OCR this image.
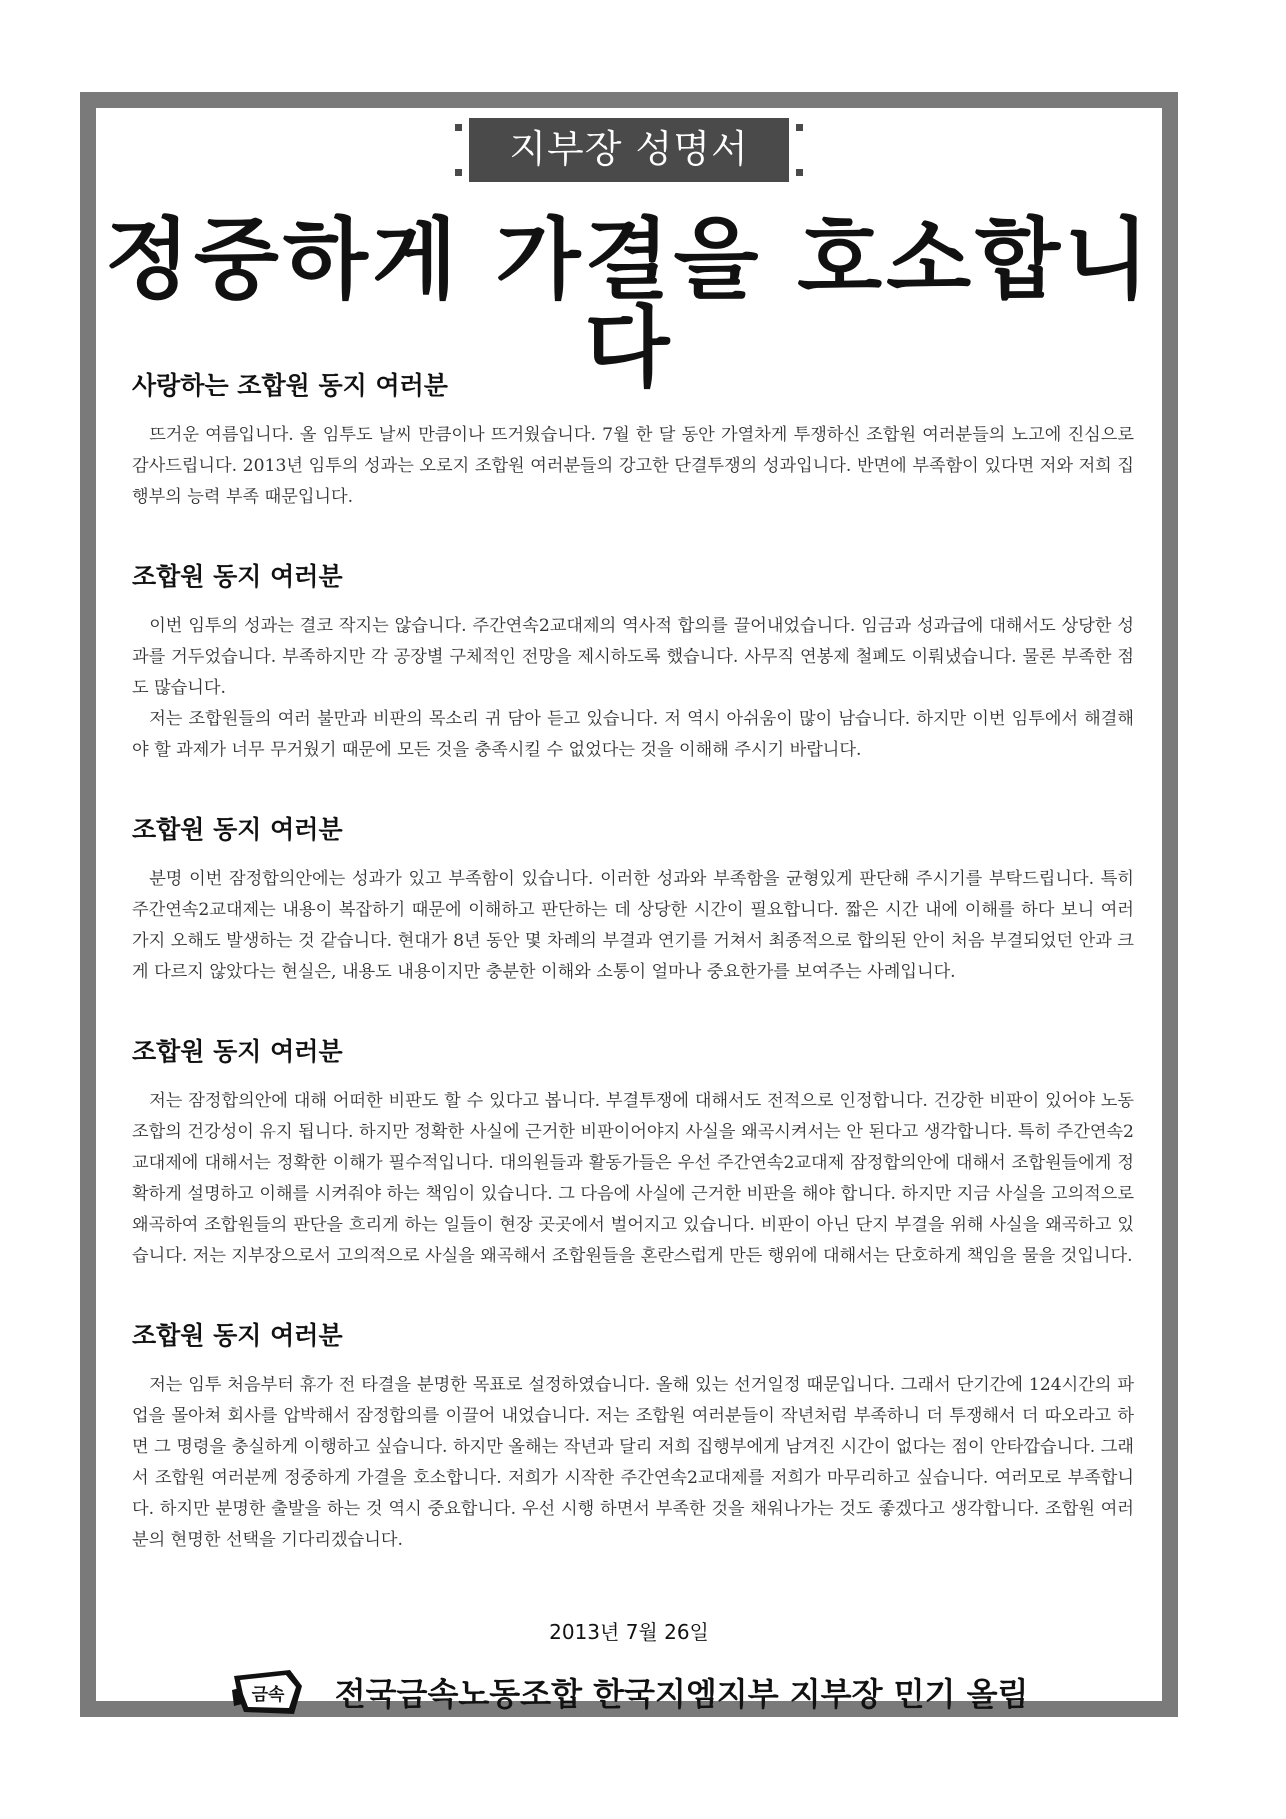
지부장 성명서
정중하게 가결을 호소합니다
사랑하는 조합원 동지 여러분

뜨거운 여름입니다. 올 임투도 날씨 만큼이나 뜨거웠습니다. 7월 한 달 동안 가열차게 투쟁하신 조합원 여러분들의 노고에 진심으로 감사드립니다. 2013년 임투의 성과는 오로지 조합원 여러분들의 강고한 단결투쟁의 성과입니다. 반면에 부족함이 있다면 저와 저희 집행부의 능력 부족 때문입니다.

조합원 동지 여러분

이번 임투의 성과는 결코 작지는 않습니다. 주간연속2교대제의 역사적 합의를 끌어내었습니다. 임금과 성과급에 대해서도 상당한 성과를 거두었습니다. 부족하지만 각 공장별 구체적인 전망을 제시하도록 했습니다. 사무직 연봉제 철폐도 이뤄냈습니다. 물론 부족한 점도 많습니다.

저는 조합원들의 여러 불만과 비판의 목소리 귀 담아 듣고 있습니다. 저 역시 아쉬움이 많이 남습니다. 하지만 이번 임투에서 해결해야 할 과제가 너무 무거웠기 때문에 모든 것을 충족시킬 수 없었다는 것을 이해해 주시기 바랍니다.

조합원 동지 여러분

분명 이번 잠정합의안에는 성과가 있고 부족함이 있습니다. 이러한 성과와 부족함을 균형있게 판단해 주시기를 부탁드립니다. 특히 주간연속2교대제는 내용이 복잡하기 때문에 이해하고 판단하는 데 상당한 시간이 필요합니다. 짧은 시간 내에 이해를 하다 보니 여러 가지 오해도 발생하는 것 같습니다. 현대가 8년 동안 몇 차례의 부결과 연기를 거쳐서 최종적으로 합의된 안이 처음 부결되었던 안과 크게 다르지 않았다는 현실은, 내용도 내용이지만 충분한 이해와 소통이 얼마나 중요한가를 보여주는 사례입니다.

조합원 동지 여러분

저는 잠정합의안에 대해 어떠한 비판도 할 수 있다고 봅니다. 부결투쟁에 대해서도 전적으로 인정합니다. 건강한 비판이 있어야 노동조합의 건강성이 유지 됩니다. 하지만 정확한 사실에 근거한 비판이어야지 사실을 왜곡시켜서는 안 된다고 생각합니다. 특히 주간연속2교대제에 대해서는 정확한 이해가 필수적입니다. 대의원들과 활동가들은 우선 주간연속2교대제 잠정합의안에 대해서 조합원들에게 정확하게 설명하고 이해를 시켜줘야 하는 책임이 있습니다. 그 다음에 사실에 근거한 비판을 해야 합니다. 하지만 지금 사실을 고의적으로 왜곡하여 조합원들의 판단을 흐리게 하는 일들이 현장 곳곳에서 벌어지고 있습니다. 비판이 아닌 단지 부결을 위해 사실을 왜곡하고 있습니다. 저는 지부장으로서 고의적으로 사실을 왜곡해서 조합원들을 혼란스럽게 만든 행위에 대해서는 단호하게 책임을 물을 것입니다.

조합원 동지 여러분

저는 임투 처음부터 휴가 전 타결을 분명한 목표로 설정하였습니다. 올해 있는 선거일정 때문입니다. 그래서 단기간에 124시간의 파업을 몰아쳐 회사를 압박해서 잠정합의를 이끌어 내었습니다. 저는 조합원 여러분들이 작년처럼 부족하니 더 투쟁해서 더 따오라고 하면 그 명령을 충실하게 이행하고 싶습니다. 하지만 올해는 작년과 달리 저희 집행부에게 남겨진 시간이 없다는 점이 안타깝습니다. 그래서 조합원 여러분께 정중하게 가결을 호소합니다. 저희가 시작한 주간연속2교대제를 저희가 마무리하고 싶습니다. 여러모로 부족합니다. 하지만 분명한 출발을 하는 것 역시 중요합니다. 우선 시행 하면서 부족한 것을 채워나가는 것도 좋겠다고 생각합니다. 조합원 여러분의 현명한 선택을 기다리겠습니다.

2013년 7월 26일
금속 전국금속노동조합 한국지엠지부 지부장 민기 올림
